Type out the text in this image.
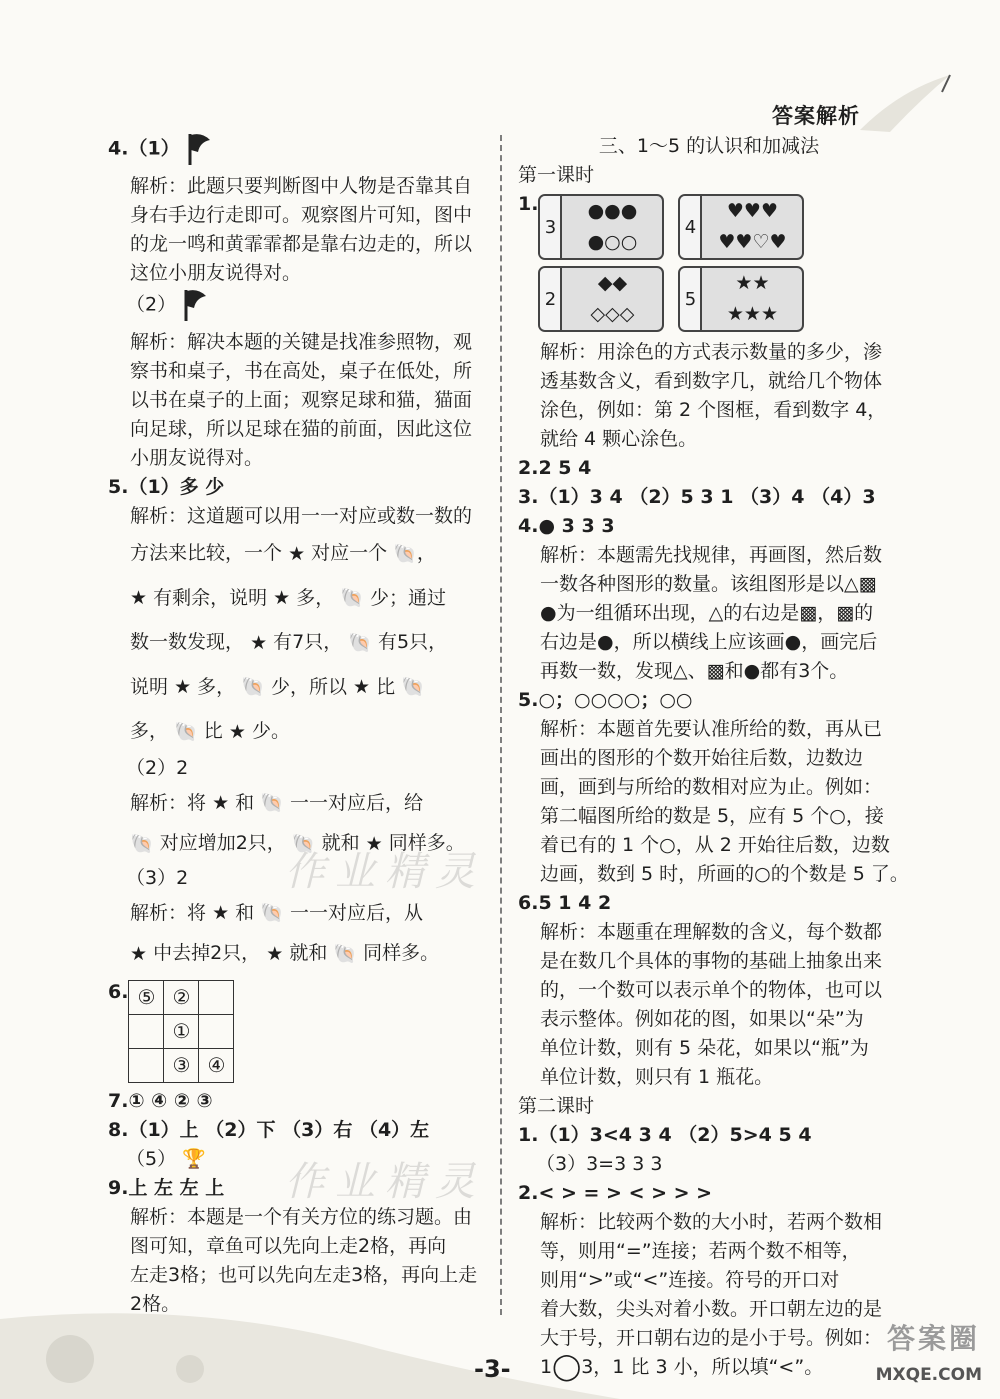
答案解析
4.（1）
解析：此题只要判断图中人物是否靠其自
身右手边行走即可。观察图片可知，图中
的龙一鸣和黄霏霏都是靠右边走的，所以
这位小朋友说得对。
（2）
解析：解决本题的关键是找准参照物，观
察书和桌子，书在高处，桌子在低处，所
以书在桌子的上面；观察足球和猫，猫面
向足球，所以足球在猫的前面，因此这位
小朋友说得对。
5.（1）多 少
解析：这道题可以用一一对应或数一数的
方法来比较，一个 ★ 对应一个 🐚，
★ 有剩余，说明 ★ 多， 🐚 少；通过
数一数发现， ★ 有7只， 🐚 有5只，
说明 ★ 多， 🐚 少，所以 ★ 比 🐚
多， 🐚 比 ★ 少。
（2）2
解析：将 ★ 和 🐚 一一对应后，给
🐚 对应增加2只， 🐚 就和 ★ 同样多。
（3）2
解析：将 ★ 和 🐚 一一对应后，从
★ 中去掉2只， ★ 就和 🐚 同样多。
6. ⑤	②	
	①	
	③	④
7.① ④ ② ③
8.（1）上 （2）下 （3）右 （4）左
（5） 🏆
9.上 左 左 上
解析：本题是一个有关方位的练习题。由
图可知，章鱼可以先向上走2格，再向
左走3格；也可以先向左走3格，再向上走
2格。
三、1～5 的认识和加减法
第一课时
1.
3
●●●
●○○
4
♥♥♥
♥♥♡♥
2
◆◆
◇◇◇
5
★★
★★★
解析：用涂色的方式表示数量的多少，渗
透基数含义，看到数字几，就给几个物体
涂色，例如：第 2 个图框，看到数字 4，
就给 4 颗心涂色。
2.2 5 4
3.（1）3 4 （2）5 3 1 （3）4 （4）3
4.● 3 3 3
解析：本题需先找规律，再画图，然后数
一数各种图形的数量。该组图形是以△▩
●为一组循环出现，△的右边是▩，▩的
右边是●，所以横线上应该画●，画完后
再数一数，发现△、▩和●都有3个。
5.○；○○○○；○○
解析：本题首先要认准所给的数，再从已
画出的图形的个数开始往后数，边数边
画，画到与所给的数相对应为止。例如：
第二幅图所给的数是 5，应有 5 个○，接
着已有的 1 个○，从 2 开始往后数，边数
边画，数到 5 时，所画的○的个数是 5 了。
6.5 1 4 2
解析：本题重在理解数的含义，每个数都
是在数几个具体的事物的基础上抽象出来
的，一个数可以表示单个的物体，也可以
表示整体。例如花的图，如果以“朵”为
单位计数，则有 5 朵花，如果以“瓶”为
单位计数，则只有 1 瓶花。
第二课时
1.（1）3<4 3 4 （2）5>4 5 4
（3）3=3 3 3
2.< > = > < > > >
解析：比较两个数的大小时，若两个数相
等，则用“=”连接；若两个数不相等，
则用“>”或“<”连接。符号的开口对
着大数，尖头对着小数。开口朝左边的是
大于号，开口朝右边的是小于号。例如：
1◯3，1 比 3 小，所以填“<”。
作业精灵
作业精灵
-3-
答案圈
MXQE.COM
